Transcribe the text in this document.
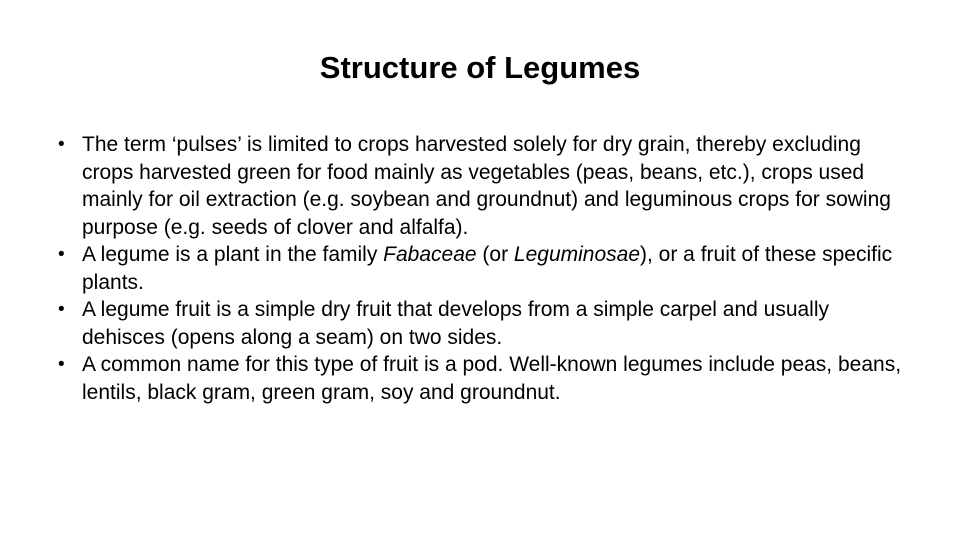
Structure of Legumes
• The term ‘pulses’ is limited to crops harvested solely for dry grain, thereby excluding crops harvested green for food mainly as vegetables (peas, beans, etc.), crops used mainly for oil extraction (e.g. soybean and groundnut) and leguminous crops for sowing purpose (e.g. seeds of clover and alfalfa).
• A legume is a plant in the family Fabaceae (or Leguminosae), or a fruit of these specific plants.
• A legume fruit is a simple dry fruit that develops from a simple carpel and usually dehisces (opens along a seam) on two sides.
• A common name for this type of fruit is a pod. Well-known legumes include peas, beans, lentils, black gram, green gram, soy and groundnut.
